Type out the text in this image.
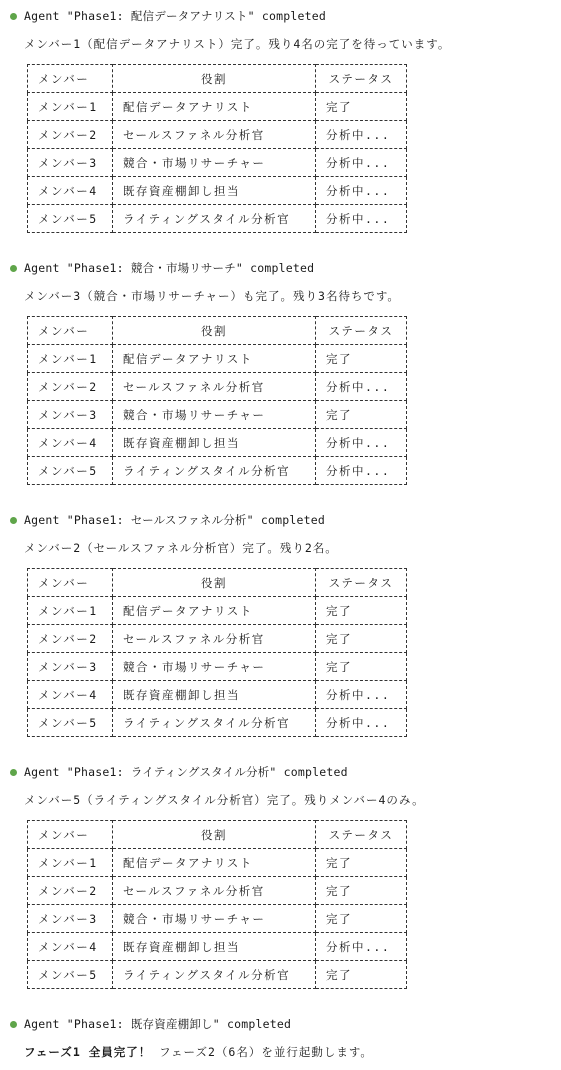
Agent "Phase1: 配信データアナリスト" completed
メンバー1（配信データアナリスト）完了。残り4名の完了を待っています。
メンバー	役割	ステータス
メンバー1	配信データアナリスト	完了
メンバー2	セールスファネル分析官	分析中...
メンバー3	競合・市場リサーチャー	分析中...
メンバー4	既存資産棚卸し担当	分析中...
メンバー5	ライティングスタイル分析官	分析中...
Agent "Phase1: 競合・市場リサーチ" completed
メンバー3（競合・市場リサーチャー）も完了。残り3名待ちです。
メンバー	役割	ステータス
メンバー1	配信データアナリスト	完了
メンバー2	セールスファネル分析官	分析中...
メンバー3	競合・市場リサーチャー	完了
メンバー4	既存資産棚卸し担当	分析中...
メンバー5	ライティングスタイル分析官	分析中...
Agent "Phase1: セールスファネル分析" completed
メンバー2（セールスファネル分析官）完了。残り2名。
メンバー	役割	ステータス
メンバー1	配信データアナリスト	完了
メンバー2	セールスファネル分析官	完了
メンバー3	競合・市場リサーチャー	完了
メンバー4	既存資産棚卸し担当	分析中...
メンバー5	ライティングスタイル分析官	分析中...
Agent "Phase1: ライティングスタイル分析" completed
メンバー5（ライティングスタイル分析官）完了。残りメンバー4のみ。
メンバー	役割	ステータス
メンバー1	配信データアナリスト	完了
メンバー2	セールスファネル分析官	完了
メンバー3	競合・市場リサーチャー	完了
メンバー4	既存資産棚卸し担当	分析中...
メンバー5	ライティングスタイル分析官	完了
Agent "Phase1: 既存資産棚卸し" completed
フェーズ1 全員完了！ フェーズ2（6名）を並行起動します。
